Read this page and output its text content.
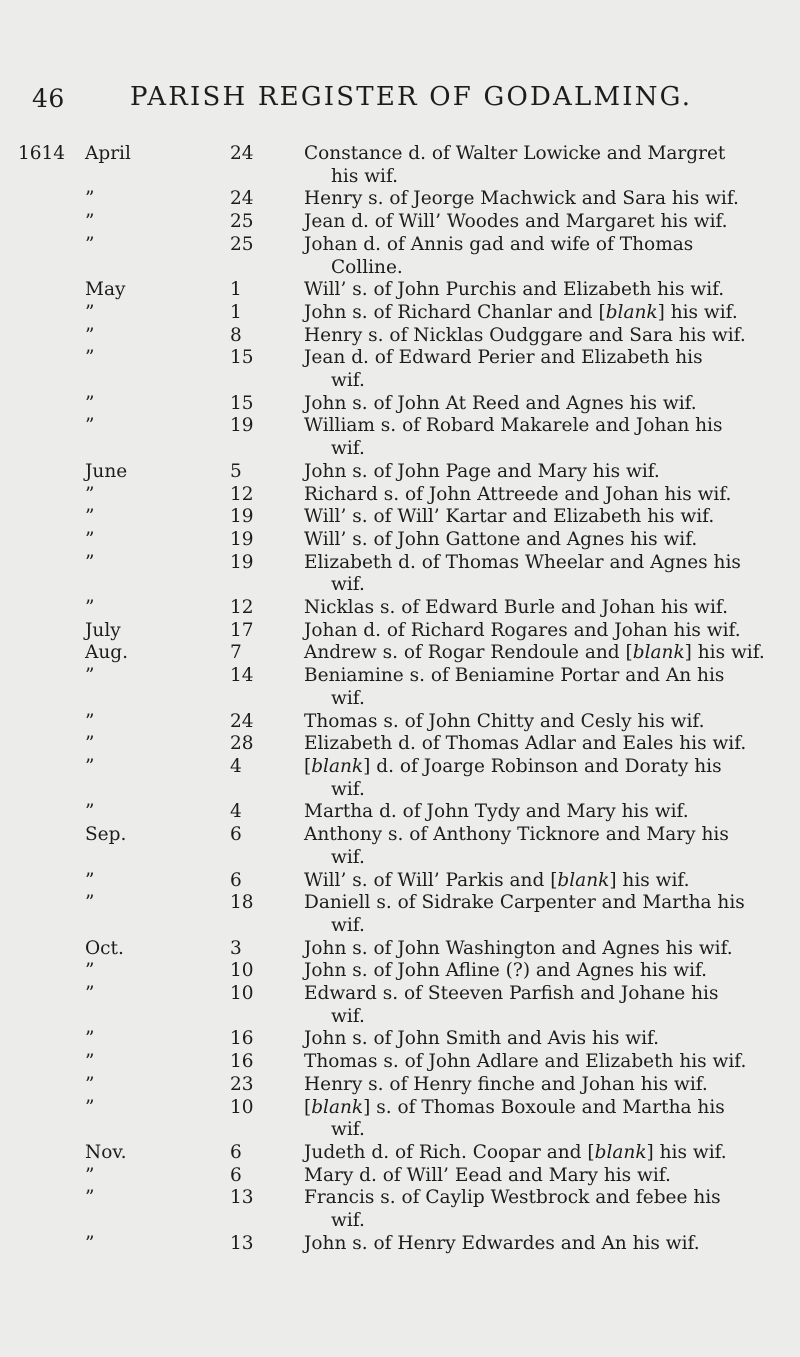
46	PARISH REGISTER OF GODALMING.
1614	April	24	Constance d. of Walter Lowicke and Margret
his wif.
”	24	Henry s. of Jeorge Machwick and Sara his wif.
”	25	Jean d. of Will’ Woodes and Margaret his wif.
”	25	Johan d. of Annis gad and wife of Thomas
Colline.
May	1	Will’ s. of John Purchis and Elizabeth his wif.
”	1	John s. of Richard Chanlar and [blank] his wif.
”	8	Henry s. of Nicklas Oudggare and Sara his wif.
”	15	Jean d. of Edward Perier and Elizabeth his
wif.
”	15	John s. of John At Reed and Agnes his wif.
”	19	William s. of Robard Makarele and Johan his
wif.
June	5	John s. of John Page and Mary his wif.
”	12	Richard s. of John Attreede and Johan his wif.
”	19	Will’ s. of Will’ Kartar and Elizabeth his wif.
”	19	Will’ s. of John Gattone and Agnes his wif.
”	19	Elizabeth d. of Thomas Wheelar and Agnes his
wif.
”	12	Nicklas s. of Edward Burle and Johan his wif.
July	17	Johan d. of Richard Rogares and Johan his wif.
Aug.	7	Andrew s. of Rogar Rendoule and [blank] his wif.
”	14	Beniamine s. of Beniamine Portar and An his
wif.
”	24	Thomas s. of John Chitty and Cesly his wif.
”	28	Elizabeth d. of Thomas Adlar and Eales his wif.
”	4	[blank] d. of Joarge Robinson and Doraty his
wif.
”	4	Martha d. of John Tydy and Mary his wif.
Sep.	6	Anthony s. of Anthony Ticknore and Mary his
wif.
”	6	Will’ s. of Will’ Parkis and [blank] his wif.
”	18	Daniell s. of Sidrake Carpenter and Martha his
wif.
Oct.	3	John s. of John Washington and Agnes his wif.
”	10	John s. of John Afline (?) and Agnes his wif.
”	10	Edward s. of Steeven Parfish and Johane his
wif.
”	16	John s. of John Smith and Avis his wif.
”	16	Thomas s. of John Adlare and Elizabeth his wif.
”	23	Henry s. of Henry finche and Johan his wif.
”	10	[blank] s. of Thomas Boxoule and Martha his
wif.
Nov.	6	Judeth d. of Rich. Coopar and [blank] his wif.
”	6	Mary d. of Will’ Eead and Mary his wif.
”	13	Francis s. of Caylip Westbrock and febee his
wif.
”	13	John s. of Henry Edwardes and An his wif.
